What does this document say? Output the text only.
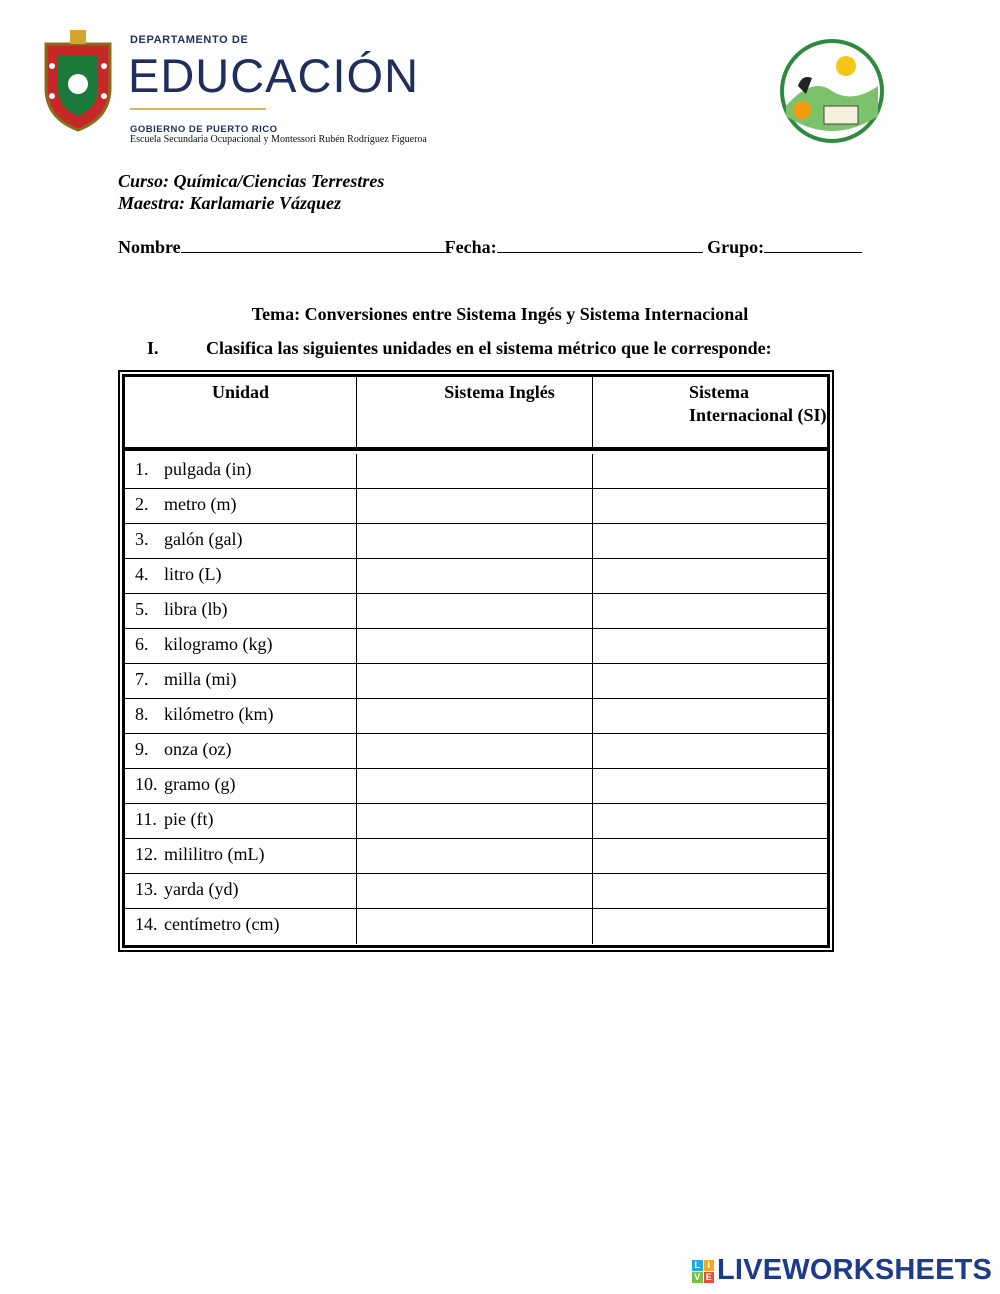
DEPARTAMENTO DE
EDUCACIÓN
GOBIERNO DE PUERTO RICO
Escuela Secundaria Ocupacional y Montessori Rubén Rodríguez Figueroa
Curso: Química/Ciencias Terrestres
Maestra: Karlamarie Vázquez
Nombre	Fecha:	Grupo:
Tema: Conversiones entre Sistema Ingés y Sistema Internacional
I.	Clasifica las siguientes unidades en el sistema métrico que le corresponde:
Unidad	Sistema Inglés	Sistema Internacional (SI)
1. pulgada (in)
2. metro (m)
3. galón (gal)
4. litro (L)
5. libra (lb)
6. kilogramo (kg)
7. milla (mi)
8. kilómetro (km)
9. onza (oz)
10. gramo (g)
11. pie (ft)
12. mililitro (mL)
13. yarda (yd)
14. centímetro (cm)
L I
V E LIVEWORKSHEETS
